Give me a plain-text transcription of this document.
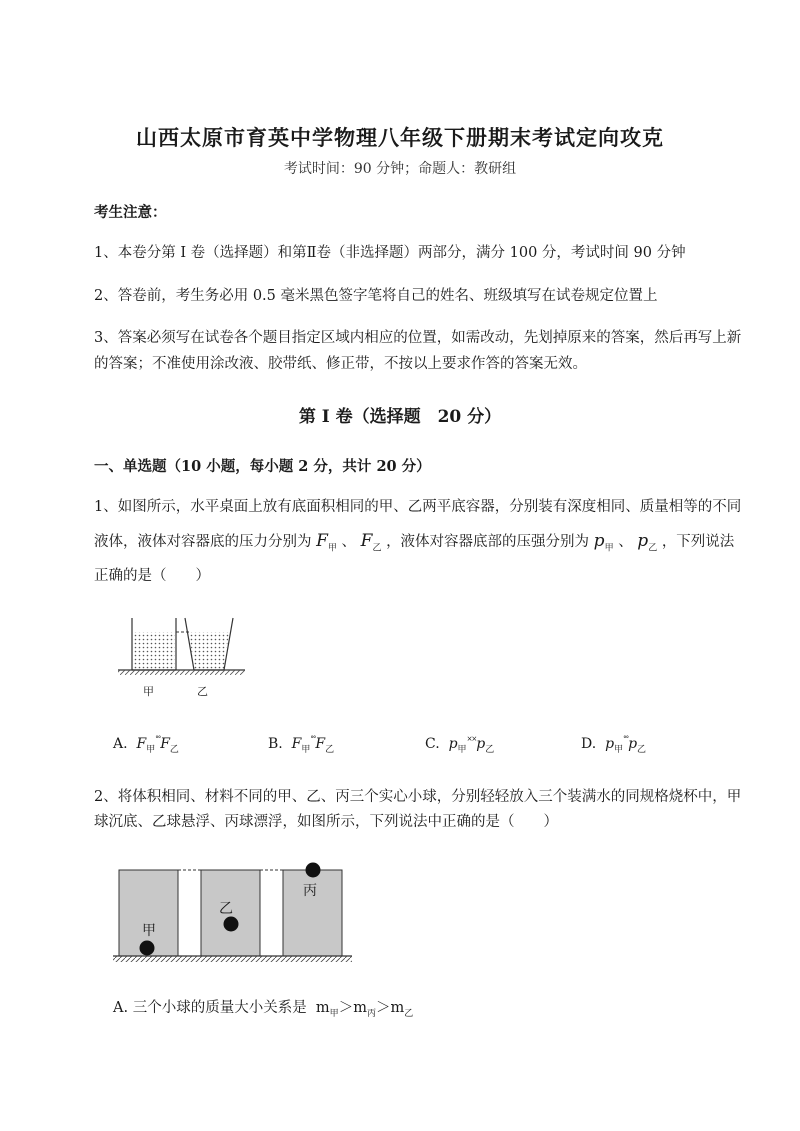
山西太原市育英中学物理八年级下册期末考试定向攻克
考试时间：90 分钟；命题人：教研组
考生注意：
1、本卷分第 I 卷（选择题）和第Ⅱ卷（非选择题）两部分，满分 100 分，考试时间 90 分钟
2、答卷前，考生务必用 0.5 毫米黑色签字笔将自己的姓名、班级填写在试卷规定位置上
3、答案必须写在试卷各个题目指定区域内相应的位置，如需改动，先划掉原来的答案，然后再写上新
的答案；不准使用涂改液、胶带纸、修正带，不按以上要求作答的答案无效。
第 I 卷（选择题　20 分）
一、单选题（10 小题，每小题 2 分，共计 20 分）
1、如图所示，水平桌面上放有底面积相同的甲、乙两平底容器，分别装有深度相同、质量相等的不同
液体，液体对容器底的压力分别为 $F_甲$ 、 $F_乙$ ，液体对容器底部的压强分别为 $p_甲$ 、 $p_乙$ ，下列说法
正确的是（　　）
甲	乙
A. $F_甲^{^\circ^\circ}F_乙$	B. $F_甲^{^\circ^\circ}F_乙$	C. $p_甲^{\times\times}p_乙$	D. $p_甲^{^\circ^\circ}p_乙$
2、将体积相同、材料不同的甲、乙、丙三个实心小球，分别轻轻放入三个装满水的同规格烧杯中，甲
球沉底、乙球悬浮、丙球漂浮，如图所示，下列说法中正确的是（　　）
甲
乙
丙
A. 三个小球的质量大小关系是 $m_甲>m_丙>m_乙$
